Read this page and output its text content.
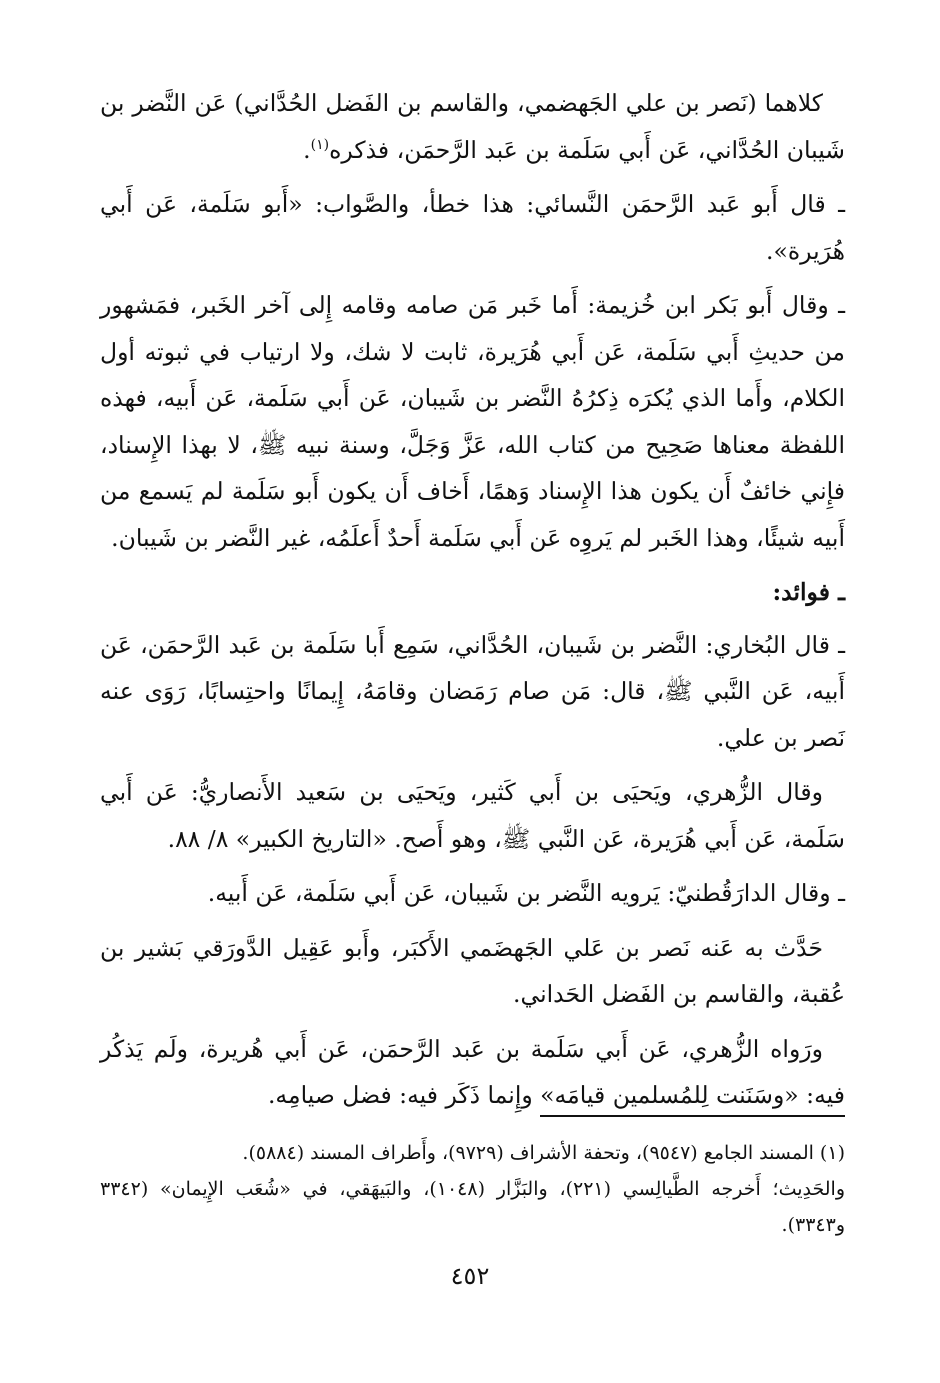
كلاهما (نَصر بن علي الجَهضمي، والقاسم بن الفَضل الحُدَّاني) عَن النَّضر بن شَيبان الحُدَّاني، عَن أَبي سَلَمة بن عَبد الرَّحمَن، فذكره$^{(١)}$.

ـ قال أَبو عَبد الرَّحمَن النَّسائي: هذا خطأ، والصَّواب: «أَبو سَلَمة، عَن أَبي هُرَيرة».

ـ وقال أَبو بَكر ابن خُزيمة: أَما خَبر مَن صامه وقامه إِلى آخر الخَبر، فمَشهور من حديثِ أَبي سَلَمة، عَن أَبي هُرَيرة، ثابت لا شك، ولا ارتياب في ثبوته أول الكلام، وأَما الذي يُكرَه ذِكرُهُ النَّضر بن شَيبان، عَن أَبي سَلَمة، عَن أَبيه، فهذه اللفظة معناها صَحِيح من كتاب الله، عَزَّ وَجَلَّ، وسنة نبيه ﷺ، لا بهذا الإِسناد، فإِني خائفٌ أَن يكون هذا الإِسناد وَهمًا، أَخاف أَن يكون أَبو سَلَمة لم يَسمع من أَبيه شيئًا، وهذا الخَبر لم يَروِه عَن أَبي سَلَمة أَحدٌ أَعلَمُه، غير النَّضر بن شَيبان.

ـ فوائد:

ـ قال البُخاري: النَّضر بن شَيبان، الحُدَّاني، سَمِع أَبا سَلَمة بن عَبد الرَّحمَن، عَن أَبيه، عَن النَّبي ﷺ، قال: مَن صام رَمَضان وقامَهُ، إِيمانًا واحتِسابًا، رَوَى عنه نَصر بن علي.

وقال الزُّهري، ويَحيَى بن أَبي كَثير، ويَحيَى بن سَعيد الأَنصاريُّ: عَن أَبي سَلَمة، عَن أَبي هُرَيرة، عَن النَّبي ﷺ، وهو أَصح. «التاريخ الكبير» ٨/ ٨٨.

ـ وقال الدارَقُطنيّ: يَرويه النَّضر بن شَيبان، عَن أَبي سَلَمة، عَن أَبيه.

حَدَّث به عَنه نَصر بن عَلي الجَهضَمي الأَكبَر، وأَبو عَقِيل الدَّورَقي بَشير بن عُقبة، والقاسم بن الفَضل الحَداني.

ورَواه الزُّهري، عَن أَبي سَلَمة بن عَبد الرَّحمَن، عَن أَبي هُريرة، ولَم يَذكُر فيه: «وسَنَنت لِلمُسلمين قيامَه» وإِنما ذَكَر فيه: فضل صيامِه.

(١) المسند الجامع (٩٥٤٧)، وتحفة الأشراف (٩٧٢٩)، وأَطراف المسند (٥٨٨٤).

والحَدِيث؛ أَخرجه الطَّيالِسي (٢٢١)، والبَزَّار (١٠٤٨)، والبَيهَقي، في «شُعَب الإِيمان» (٣٣٤٢ و٣٣٤٣).

٤٥٢
